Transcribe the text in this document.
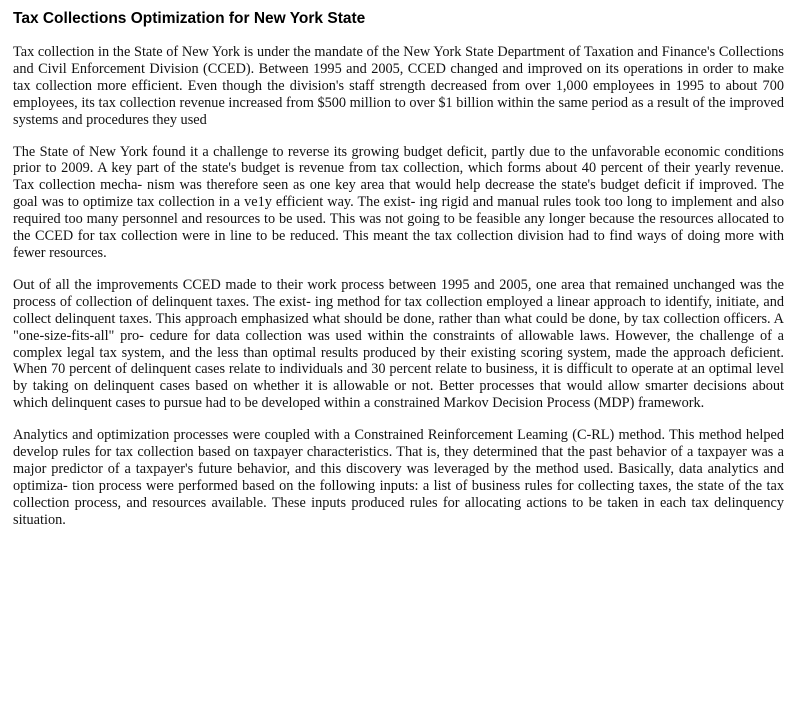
Tax Collections Optimization for New York State

Tax collection in the State of New York is under the mandate of the New York State Department of Taxation and Finance's Collections and Civil Enforcement Division (CCED). Between 1995 and 2005, CCED changed and improved on its operations in order to make tax collection more efficient. Even though the division's staff strength decreased from over 1,000 employees in 1995 to about 700 employees, its tax collection revenue increased from $500 million to over $1 billion within the same period as a result of the improved systems and procedures they used

The State of New York found it a challenge to reverse its growing budget deficit, partly due to the unfavorable economic conditions prior to 2009. A key part of the state's budget is revenue from tax collection, which forms about 40 percent of their yearly revenue. Tax collection mecha- nism was therefore seen as one key area that would help decrease the state's budget deficit if improved. The goal was to optimize tax collection in a ve1y efficient way. The exist- ing rigid and manual rules took too long to implement and also required too many personnel and resources to be used. This was not going to be feasible any longer because the resources allocated to the CCED for tax collection were in line to be reduced. This meant the tax collection division had to find ways of doing more with fewer resources.

Out of all the improvements CCED made to their work process between 1995 and 2005, one area that remained unchanged was the process of collection of delinquent taxes. The exist- ing method for tax collection employed a linear approach to identify, initiate, and collect delinquent taxes. This approach emphasized what should be done, rather than what could be done, by tax collection officers. A "one-size-fits-all" pro- cedure for data collection was used within the constraints of allowable laws. However, the challenge of a complex legal tax system, and the less than optimal results produced by their existing scoring system, made the approach deficient. When 70 percent of delinquent cases relate to individuals and 30 percent relate to business, it is difficult to operate at an optimal level by taking on delinquent cases based on whether it is allowable or not. Better processes that would allow smarter decisions about which delinquent cases to pursue had to be developed within a constrained Markov Decision Process (MDP) framework.

Analytics and optimization processes were coupled with a Constrained Reinforcement Leaming (C-RL) method. This method helped develop rules for tax collection based on taxpayer characteristics. That is, they determined that the past behavior of a taxpayer was a major predictor of a taxpayer's future behavior, and this discovery was leveraged by the method used. Basically, data analytics and optimiza- tion process were performed based on the following inputs: a list of business rules for collecting taxes, the state of the tax collection process, and resources available. These inputs produced rules for allocating actions to be taken in each tax delinquency situation.
